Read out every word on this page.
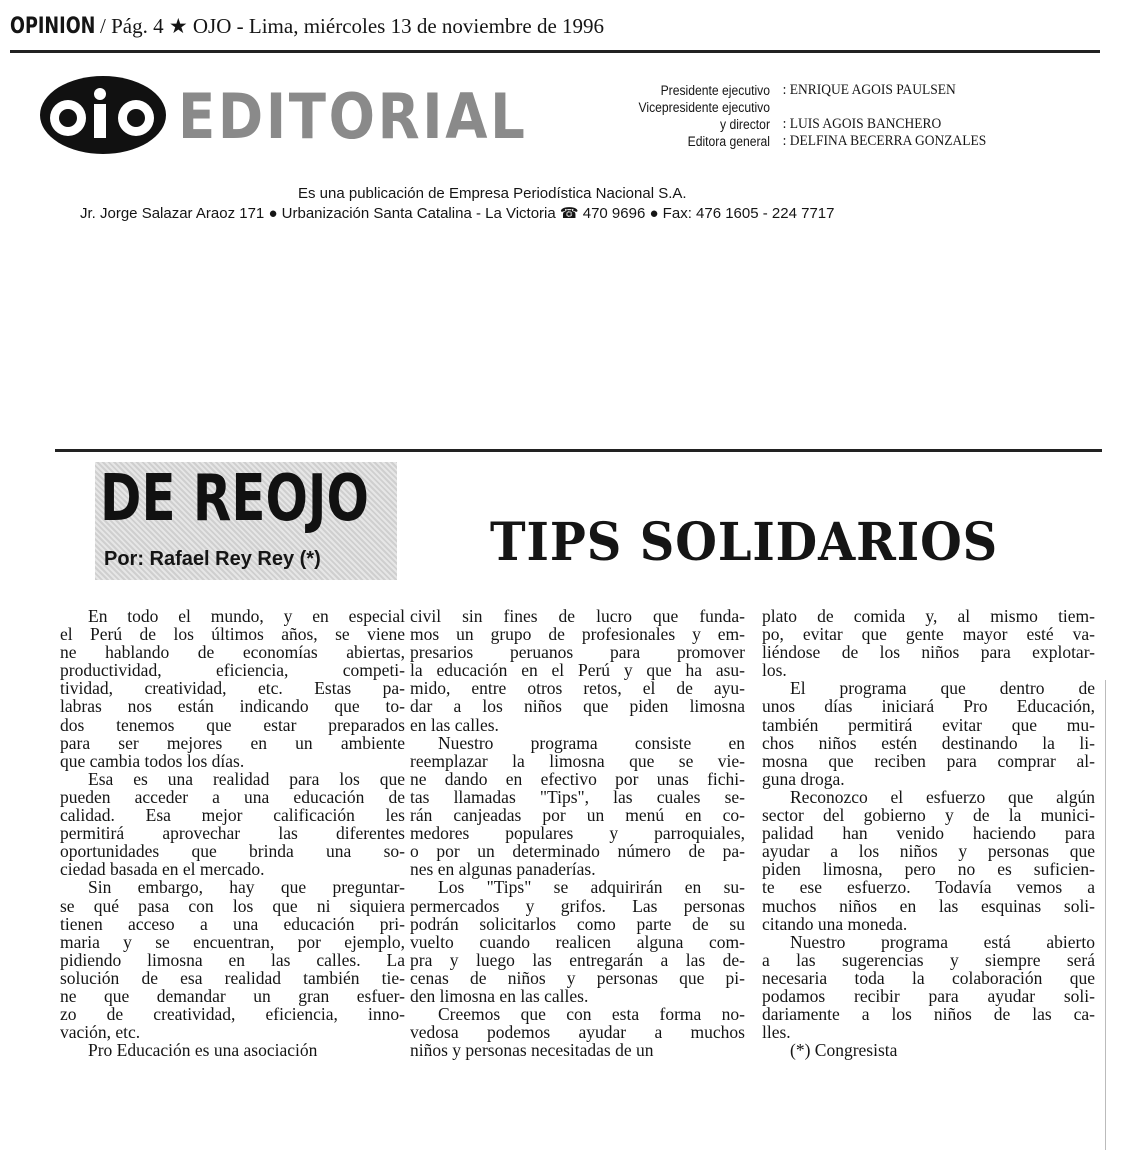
OPINION / Pág. 4 ★ OJO - Lima, miércoles 13 de noviembre de 1996
EDITORIAL	Presidente ejecutivo : ENRIQUE AGOIS PAULSEN
Vicepresidente ejecutivo
y director : LUIS AGOIS BANCHERO
Editora general : DELFINA BECERRA GONZALES
Es una publicación de Empresa Periodística Nacional S.A.
Jr. Jorge Salazar Araoz 171 ● Urbanización Santa Catalina - La Victoria ☎ 470 9696 ● Fax: 476 1605 - 224 7717
DE REOJO
Por: Rafael Rey Rey (*)	TIPS SOLIDARIOS
En todo el mundo, y en especial
el Perú de los últimos años, se viene
ne hablando de economías abiertas,
productividad, eficiencia, competi-
tividad, creatividad, etc. Estas pa-
labras nos están indicando que to-
dos tenemos que estar preparados
para ser mejores en un ambiente
que cambia todos los días.
Esa es una realidad para los que
pueden acceder a una educación de
calidad. Esa mejor calificación les
permitirá aprovechar las diferentes
oportunidades que brinda una so-
ciedad basada en el mercado.
Sin embargo, hay que preguntar-
se qué pasa con los que ni siquiera
tienen acceso a una educación pri-
maria y se encuentran, por ejemplo,
pidiendo limosna en las calles. La
solución de esa realidad también tie-
ne que demandar un gran esfuer-
zo de creatividad, eficiencia, inno-
vación, etc.
Pro Educación es una asociación
civil sin fines de lucro que funda-
mos un grupo de profesionales y em-
presarios peruanos para promover
la educación en el Perú y que ha asu-
mido, entre otros retos, el de ayu-
dar a los niños que piden limosna
en las calles.
Nuestro programa consiste en
reemplazar la limosna que se vie-
ne dando en efectivo por unas fichi-
tas llamadas "Tips", las cuales se-
rán canjeadas por un menú en co-
medores populares y parroquiales,
o por un determinado número de pa-
nes en algunas panaderías.
Los "Tips" se adquirirán en su-
permercados y grifos. Las personas
podrán solicitarlos como parte de su
vuelto cuando realicen alguna com-
pra y luego las entregarán a las de-
cenas de niños y personas que pi-
den limosna en las calles.
Creemos que con esta forma no-
vedosa podemos ayudar a muchos
niños y personas necesitadas de un
plato de comida y, al mismo tiem-
po, evitar que gente mayor esté va-
liéndose de los niños para explotar-
los.
El programa que dentro de
unos días iniciará Pro Educación,
también permitirá evitar que mu-
chos niños estén destinando la li-
mosna que reciben para comprar al-
guna droga.
Reconozco el esfuerzo que algún
sector del gobierno y de la munici-
palidad han venido haciendo para
ayudar a los niños y personas que
piden limosna, pero no es suficien-
te ese esfuerzo. Todavía vemos a
muchos niños en las esquinas soli-
citando una moneda.
Nuestro programa está abierto
a las sugerencias y siempre será
necesaria toda la colaboración que
podamos recibir para ayudar soli-
dariamente a los niños de las ca-
lles.
(*) Congresista
